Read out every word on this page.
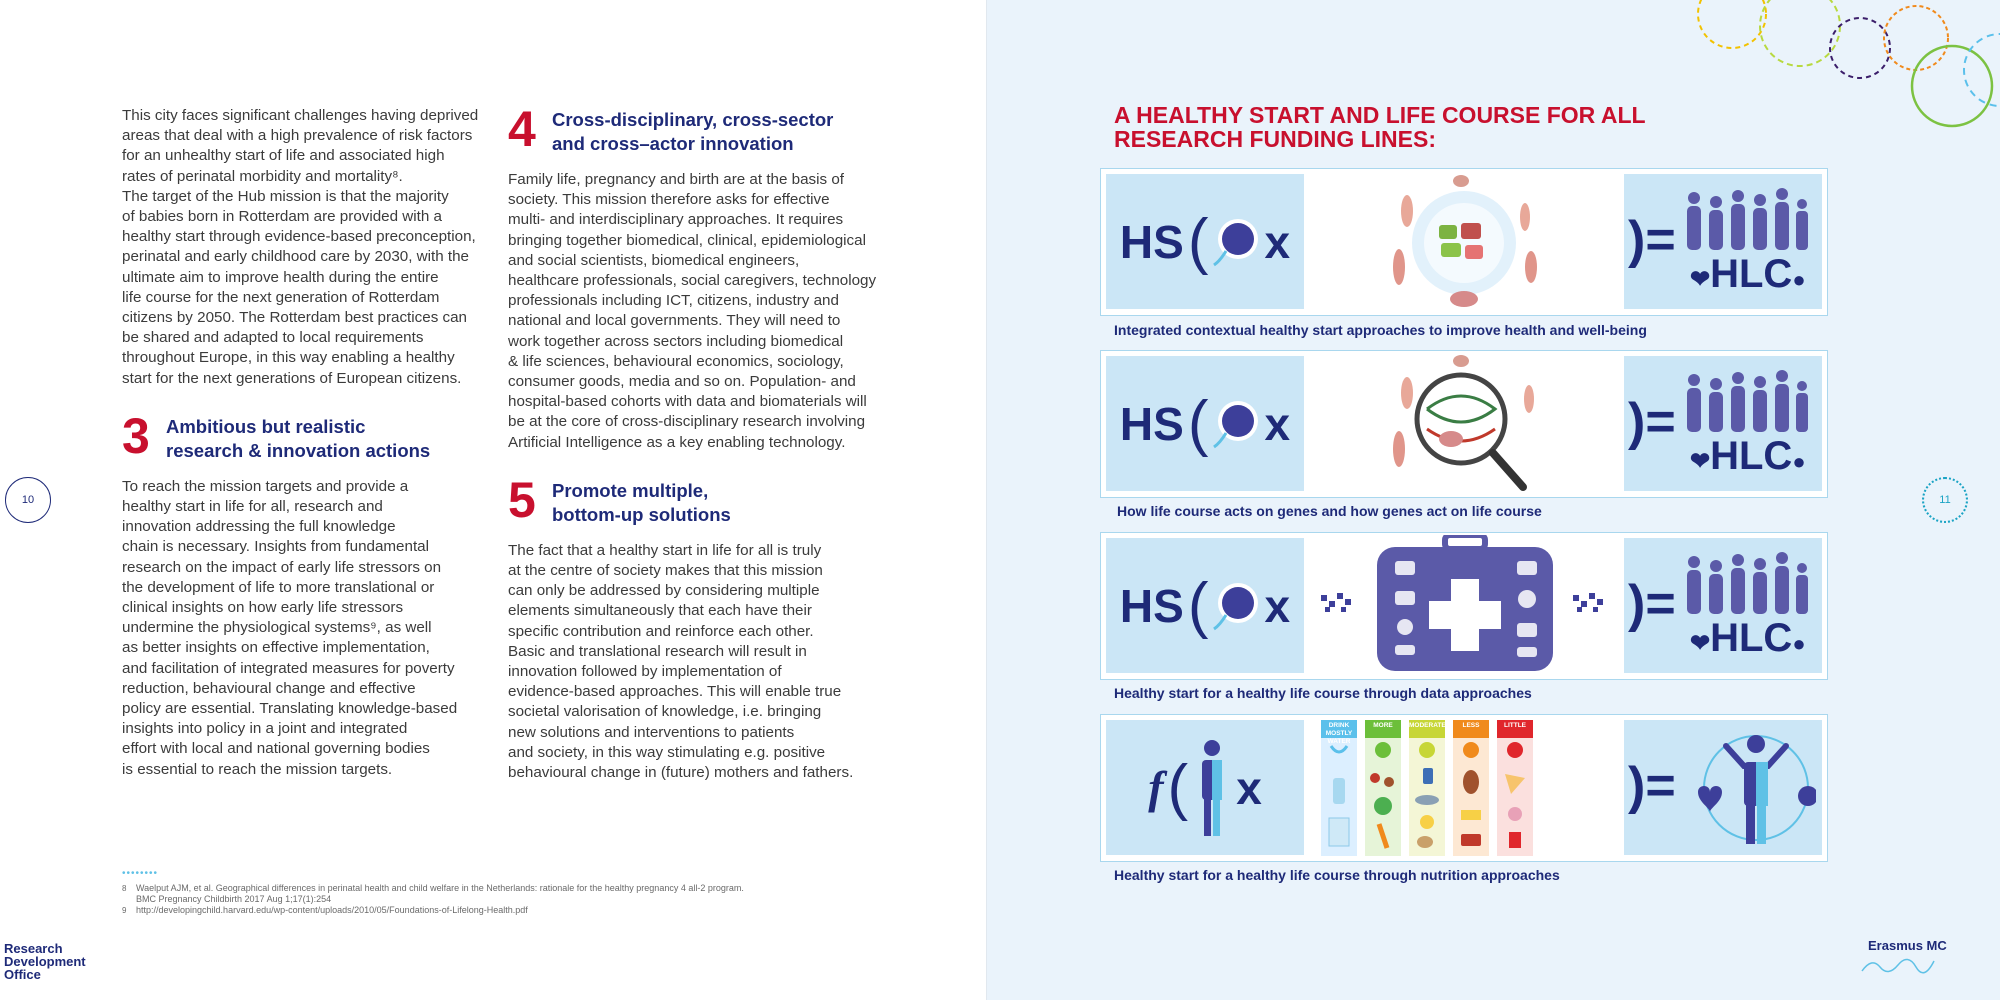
This city faces significant challenges having deprived
areas that deal with a high prevalence of risk factors
for an unhealthy start of life and associated high
rates of perinatal morbidity and mortality⁸.
The target of the Hub mission is that the majority
of babies born in Rotterdam are provided with a
healthy start through evidence-based preconception,
perinatal and early childhood care by 2030, with the
ultimate aim to improve health during the entire
life course for the next generation of Rotterdam
citizens by 2050. The Rotterdam best practices can
be shared and adapted to local requirements
throughout Europe, in this way enabling a healthy
start for the next generations of European citizens.

3 Ambitious but realistic
research & innovation actions

To reach the mission targets and provide a
healthy start in life for all, research and
innovation addressing the full knowledge
chain is necessary. Insights from fundamental
research on the impact of early life stressors on
the development of life to more translational or
clinical insights on how early life stressors
undermine the physiological systems⁹, as well
as better insights on effective implementation,
and facilitation of integrated measures for poverty
reduction, behavioural change and effective
policy are essential. Translating knowledge-based
insights into policy in a joint and integrated
effort with local and national governing bodies
is essential to reach the mission targets.

4 Cross-disciplinary, cross-sector
and cross–actor innovation

Family life, pregnancy and birth are at the basis of
society. This mission therefore asks for effective
multi- and interdisciplinary approaches. It requires
bringing together biomedical, clinical, epidemiological
and social scientists, biomedical engineers,
healthcare professionals, social caregivers, technology
professionals including ICT, citizens, industry and
national and local governments. They will need to
work together across sectors including biomedical
& life sciences, behavioural economics, sociology,
consumer goods, media and so on. Population- and
hospital-based cohorts with data and biomaterials will
be at the core of cross-disciplinary research involving
Artificial Intelligence as a key enabling technology.

5 Promote multiple,
bottom-up solutions

The fact that a healthy start in life for all is truly
at the centre of society makes that this mission
can only be addressed by considering multiple
elements simultaneously that each have their
specific contribution and reinforce each other.
Basic and translational research will result in
innovation followed by implementation of
evidence-based approaches. This will enable true
societal valorisation of knowledge, i.e. bringing
new solutions and interventions to patients
and society, in this way stimulating e.g. positive
behavioural change in (future) mothers and fathers.

10
••••••••
8	Waelput AJM, et al. Geographical differences in perinatal health and child welfare in the Netherlands: rationale for the healthy pregnancy 4 all-2 program.
BMC Pregnancy Childbirth 2017 Aug 1;17(1):254
9	http://developingchild.harvard.edu/wp-content/uploads/2010/05/Foundations-of-Lifelong-Health.pdf
Research
Development
Office
A HEALTHY START AND LIFE COURSE FOR ALL
RESEARCH FUNDING LINES:
HS ( x	)=
❤HLC●
Integrated contextual healthy start approaches to improve health and well-being
HS ( x	)=
❤HLC●
How life course acts on genes and how genes act on life course
HS ( x	)=
❤HLC●
Healthy start for a healthy life course through data approaches
f ( x
DRINK MOSTLY WATER
MORE	MODERATE	LESS	LITTLE
)=
Healthy start for a healthy life course through nutrition approaches
11
Erasmus MC
